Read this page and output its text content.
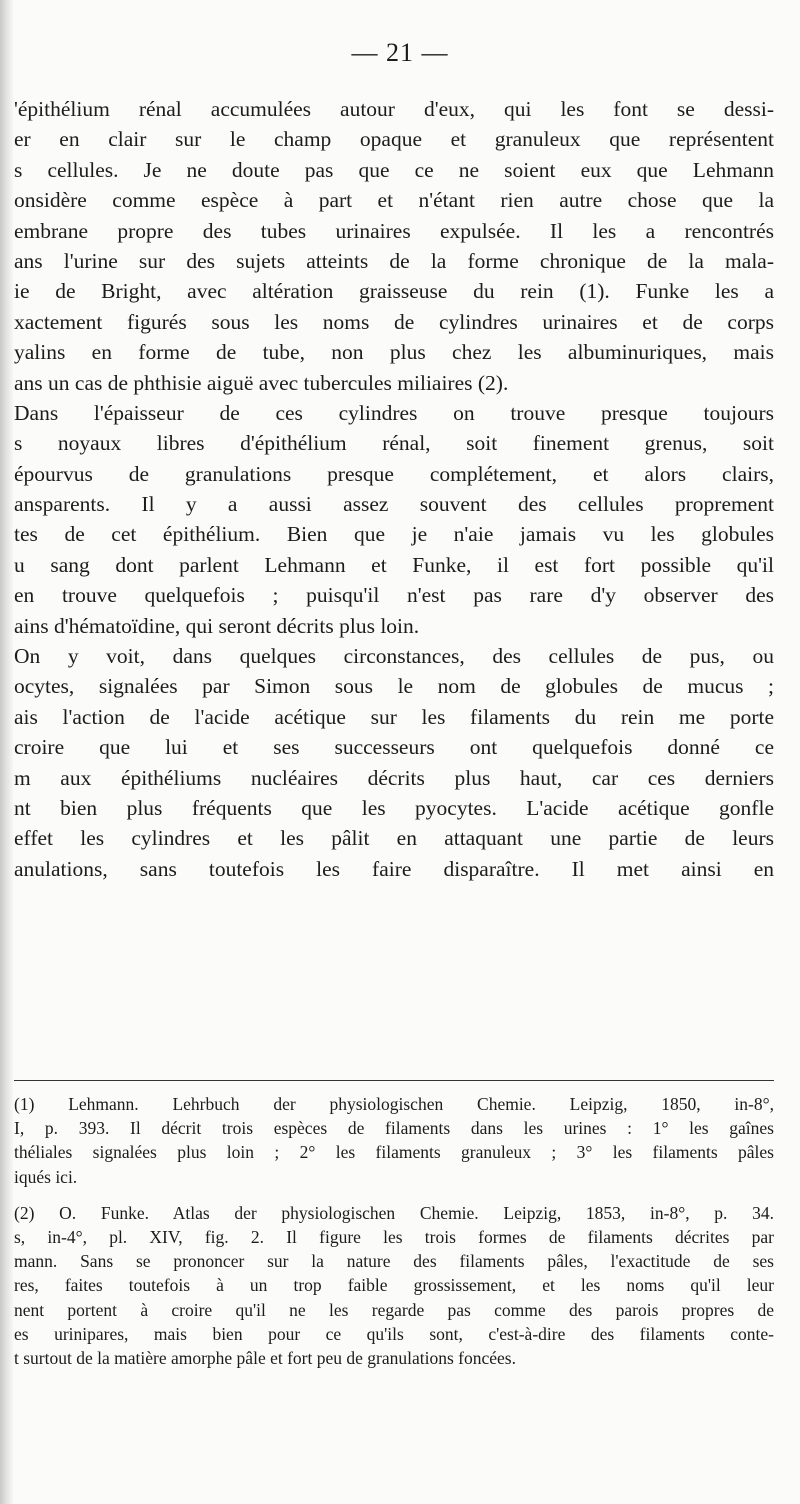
— 21 —
'épithélium rénal accumulées autour d'eux, qui les font se dessi-
er en clair sur le champ opaque et granuleux que représentent
s cellules. Je ne doute pas que ce ne soient eux que Lehmann
onsidère comme espèce à part et n'étant rien autre chose que la
embrane propre des tubes urinaires expulsée. Il les a rencontrés
ans l'urine sur des sujets atteints de la forme chronique de la mala-
ie de Bright, avec altération graisseuse du rein (1). Funke les a
xactement figurés sous les noms de cylindres urinaires et de corps
yalins en forme de tube, non plus chez les albuminuriques, mais
ans un cas de phthisie aiguë avec tubercules miliaires (2).
Dans l'épaisseur de ces cylindres on trouve presque toujours
s noyaux libres d'épithélium rénal, soit finement grenus, soit
épourvus de granulations presque complétement, et alors clairs,
ansparents. Il y a aussi assez souvent des cellules proprement
tes de cet épithélium. Bien que je n'aie jamais vu les globules
u sang dont parlent Lehmann et Funke, il est fort possible qu'il
en trouve quelquefois ; puisqu'il n'est pas rare d'y observer des
ains d'hématoïdine, qui seront décrits plus loin.
On y voit, dans quelques circonstances, des cellules de pus, ou
ocytes, signalées par Simon sous le nom de globules de mucus ;
ais l'action de l'acide acétique sur les filaments du rein me porte
croire que lui et ses successeurs ont quelquefois donné ce
m aux épithéliums nucléaires décrits plus haut, car ces derniers
nt bien plus fréquents que les pyocytes. L'acide acétique gonfle
effet les cylindres et les pâlit en attaquant une partie de leurs
anulations, sans toutefois les faire disparaître. Il met ainsi en
(1) Lehmann. Lehrbuch der physiologischen Chemie. Leipzig, 1850, in-8°,
I, p. 393. Il décrit trois espèces de filaments dans les urines : 1° les gaînes
théliales signalées plus loin ; 2° les filaments granuleux ; 3° les filaments pâles
iqués ici.
(2) O. Funke. Atlas der physiologischen Chemie. Leipzig, 1853, in-8°, p. 34.
s, in-4°, pl. XIV, fig. 2. Il figure les trois formes de filaments décrites par
mann. Sans se prononcer sur la nature des filaments pâles, l'exactitude de ses
res, faites toutefois à un trop faible grossissement, et les noms qu'il leur
nent portent à croire qu'il ne les regarde pas comme des parois propres de
es urinipares, mais bien pour ce qu'ils sont, c'est-à-dire des filaments conte-
t surtout de la matière amorphe pâle et fort peu de granulations foncées.
